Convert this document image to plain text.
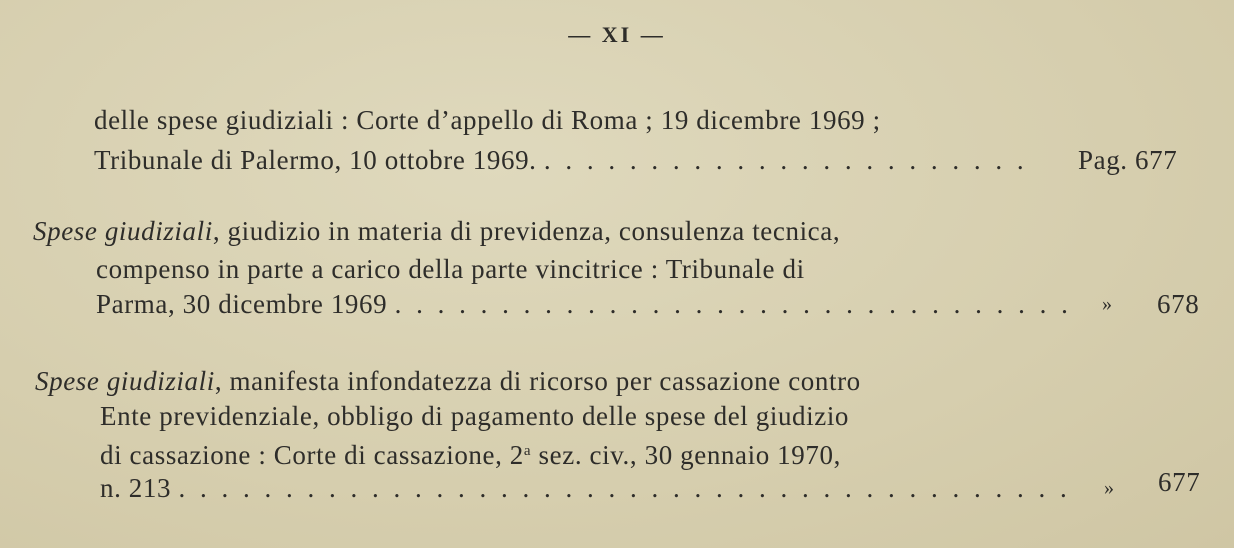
— XI —
delle spese giudiziali : Corte d’appello di Roma ; 19 dicembre 1969 ;
Tribunale di Palermo, 10 ottobre 1969. . . . . . . . . . . . . . . . . . . . . . . . Pag. 677
Spese giudiziali, giudizio in materia di previdenza, consulenza tecnica,
compenso in parte a carico della parte vincitrice : Tribunale di
Parma, 30 dicembre 1969 . . . . . . . . . . . . . . . . . . . . . . . . . . . . . . . . » 678
Spese giudiziali, manifesta infondatezza di ricorso per cassazione contro
Ente previdenziale, obbligo di pagamento delle spese del giudizio
di cassazione : Corte di cassazione, 2$^a$ sez. civ., 30 gennaio 1970,
n. 213 . . . . . . . . . . . . . . . . . . . . . . . . . . . . . . . . . . . . . . . . . . » 677
